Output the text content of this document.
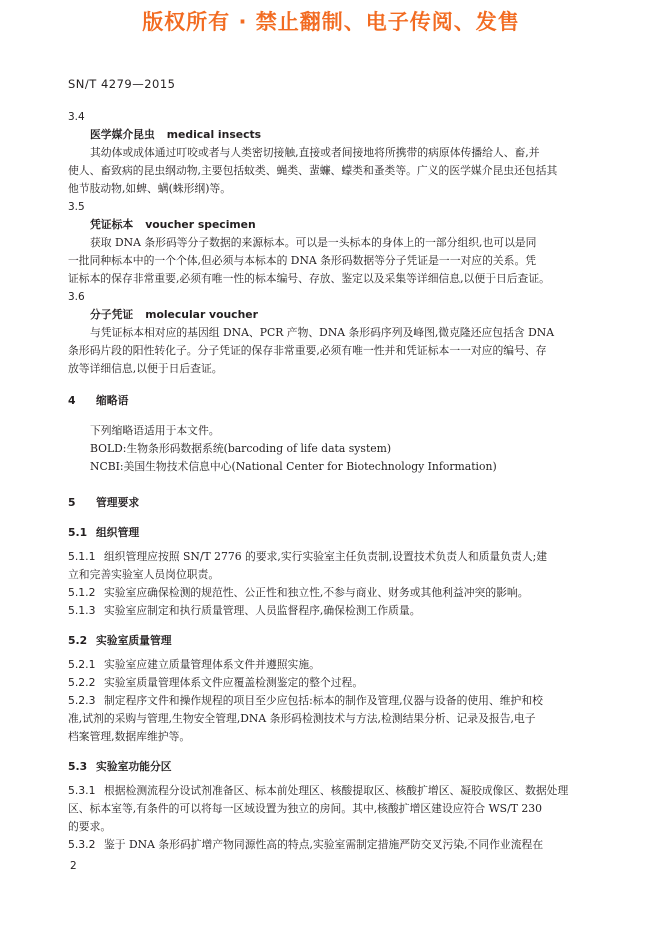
版权所有 · 禁止翻制、电子传阅、发售
SN/T 4279—2015
3.4
医学媒介昆虫 medical insects

其幼体或成体通过叮咬或者与人类密切接触,直接或者间接地将所携带的病原体传播给人、畜,并

使人、畜致病的昆虫纲动物,主要包括蚊类、蝇类、蜚蠊、蠓类和蚤类等。广义的医学媒介昆虫还包括其

他节肢动物,如蜱、螨(蛛形纲)等。

3.5
凭证标本 voucher specimen

获取 DNA 条形码等分子数据的来源标本。可以是一头标本的身体上的一部分组织,也可以是同

一批同种标本中的一个个体,但必须与本标本的 DNA 条形码数据等分子凭证是一一对应的关系。凭

证标本的保存非常重要,必须有唯一性的标本编号、存放、鉴定以及采集等详细信息,以便于日后查证。

3.6
分子凭证 molecular voucher

与凭证标本相对应的基因组 DNA、PCR 产物、DNA 条形码序列及峰图,微克隆还应包括含 DNA

条形码片段的阳性转化子。分子凭证的保存非常重要,必须有唯一性并和凭证标本一一对应的编号、存

放等详细信息,以便于日后查证。

4 缩略语

下列缩略语适用于本文件。

BOLD:生物条形码数据系统(barcoding of life data system)

NCBI:美国生物技术信息中心(National Center for Biotechnology Information)

5 管理要求
5.1 组织管理

5.1.1 组织管理应按照 SN/T 2776 的要求,实行实验室主任负责制,设置技术负责人和质量负责人;建

立和完善实验室人员岗位职责。

5.1.2 实验室应确保检测的规范性、公正性和独立性,不参与商业、财务或其他利益冲突的影响。

5.1.3 实验室应制定和执行质量管理、人员监督程序,确保检测工作质量。

5.2 实验室质量管理

5.2.1 实验室应建立质量管理体系文件并遵照实施。

5.2.2 实验室质量管理体系文件应覆盖检测鉴定的整个过程。

5.2.3 制定程序文件和操作规程的项目至少应包括:标本的制作及管理,仪器与设备的使用、维护和校

准,试剂的采购与管理,生物安全管理,DNA 条形码检测技术与方法,检测结果分析、记录及报告,电子

档案管理,数据库维护等。

5.3 实验室功能分区

5.3.1 根据检测流程分设试剂准备区、标本前处理区、核酸提取区、核酸扩增区、凝胶成像区、数据处理

区、标本室等,有条件的可以将每一区域设置为独立的房间。其中,核酸扩增区建设应符合 WS/T 230

的要求。

5.3.2 鉴于 DNA 条形码扩增产物同源性高的特点,实验室需制定措施严防交叉污染,不同作业流程在

2
